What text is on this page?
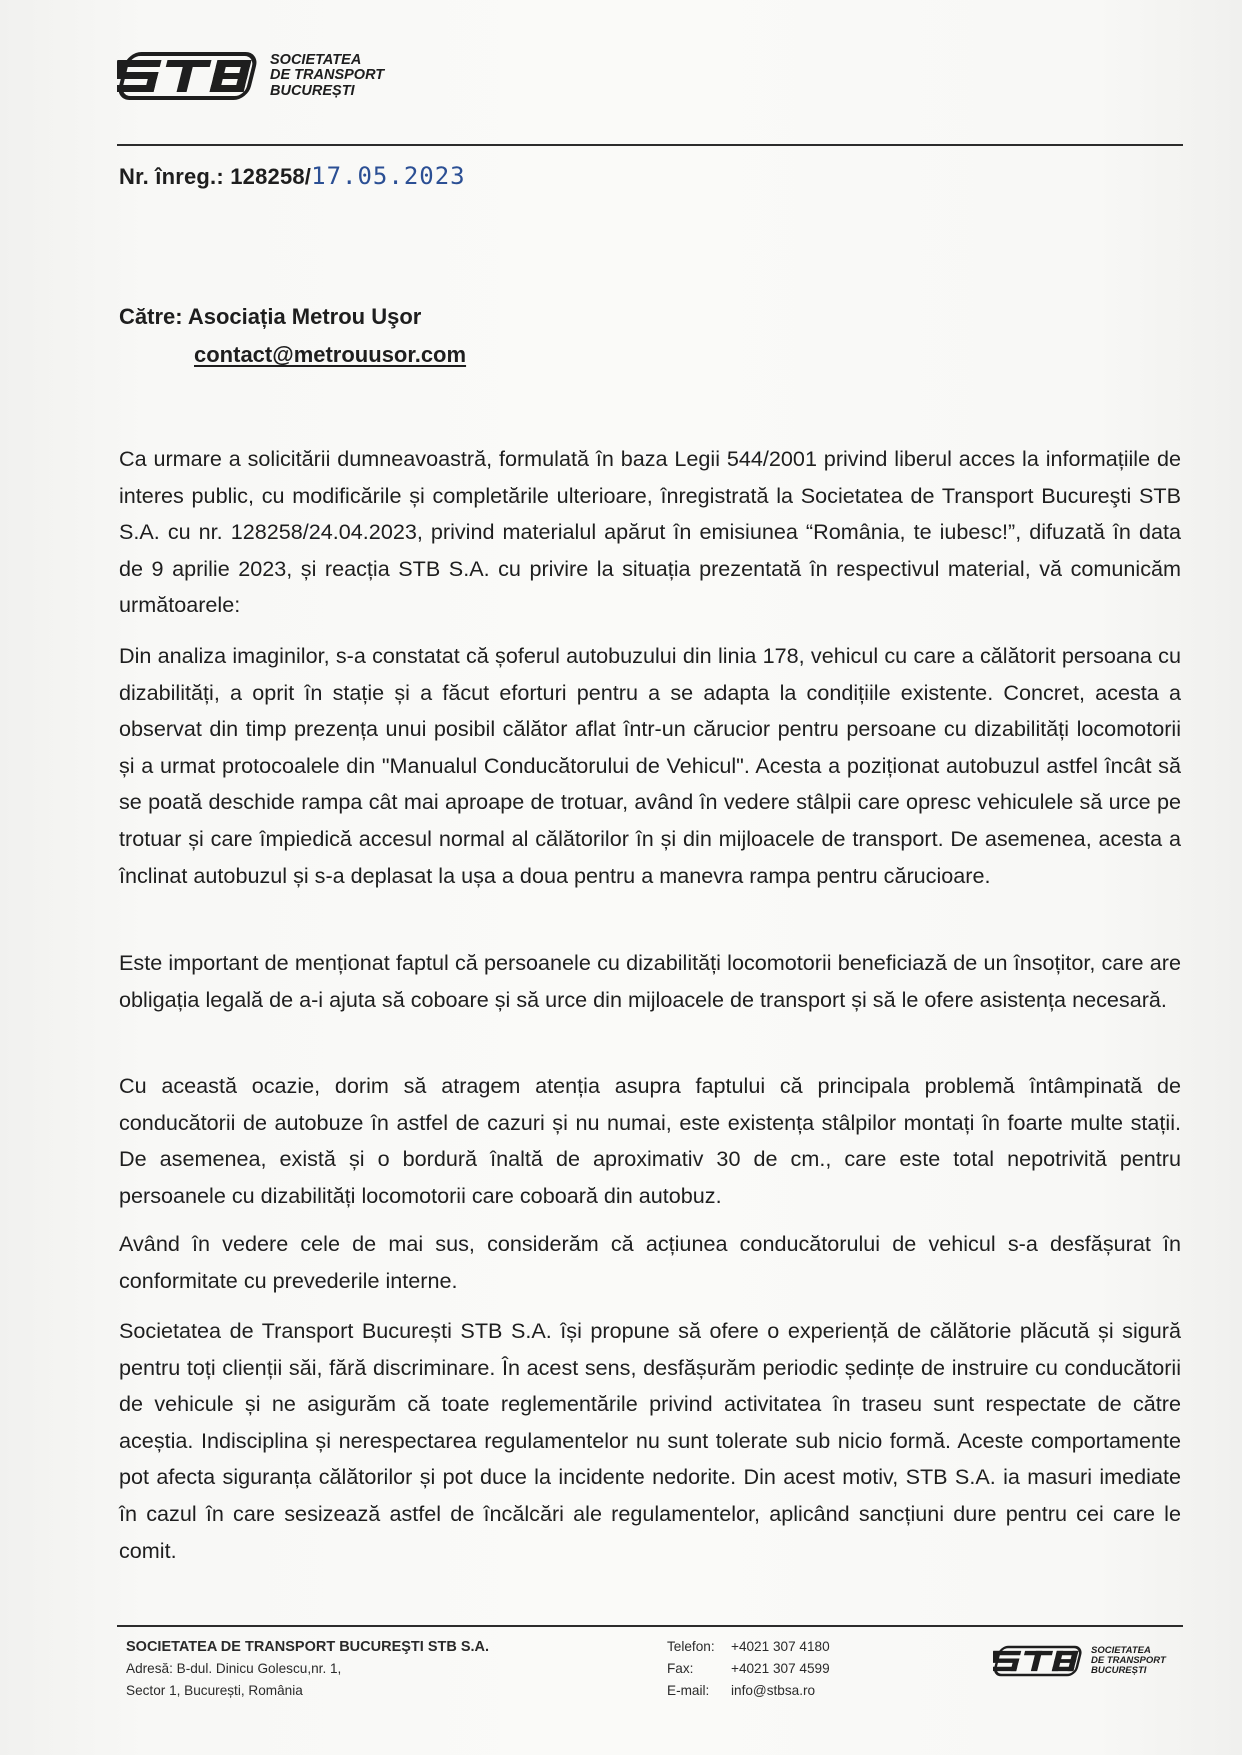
STB
SOCIETATEA
DE TRANSPORT
BUCUREȘTI
Nr. înreg.: 128258/17.05.2023
Către: Asociația Metrou Uşor
contact@metrouusor.com

Ca urmare a solicitării dumneavoastră, formulată în baza Legii 544/2001 privind liberul acces la informațiile de interes public, cu modificările și completările ulterioare, înregistrată la Societatea de Transport Bucureşti STB S.A. cu nr. 128258/24.04.2023, privind materialul apărut în emisiunea “România, te iubesc!”, difuzată în data de 9 aprilie 2023, și reacția STB S.A. cu privire la situația prezentată în respectivul material, vă comunicăm următoarele:

Din analiza imaginilor, s-a constatat că șoferul autobuzului din linia 178, vehicul cu care a călătorit persoana cu dizabilități, a oprit în stație și a făcut eforturi pentru a se adapta la condițiile existente. Concret, acesta a observat din timp prezența unui posibil călător aflat într-un cărucior pentru persoane cu dizabilități locomotorii și a urmat protocoalele din "Manualul Conducătorului de Vehicul". Acesta a poziționat autobuzul astfel încât să se poată deschide rampa cât mai aproape de trotuar, având în vedere stâlpii care opresc vehiculele să urce pe trotuar și care împiedică accesul normal al călătorilor în și din mijloacele de transport. De asemenea, acesta a înclinat autobuzul și s-a deplasat la ușa a doua pentru a manevra rampa pentru cărucioare.

Este important de menționat faptul că persoanele cu dizabilități locomotorii beneficiază de un însoțitor, care are obligația legală de a-i ajuta să coboare și să urce din mijloacele de transport și să le ofere asistența necesară.

Cu această ocazie, dorim să atragem atenția asupra faptului că principala problemă întâmpinată de conducătorii de autobuze în astfel de cazuri și nu numai, este existența stâlpilor montați în foarte multe stații. De asemenea, există și o bordură înaltă de aproximativ 30 de cm., care este total nepotrivită pentru persoanele cu dizabilități locomotorii care coboară din autobuz.

Având în vedere cele de mai sus, considerăm că acțiunea conducătorului de vehicul s-a desfășurat în conformitate cu prevederile interne.

Societatea de Transport București STB S.A. își propune să ofere o experiență de călătorie plăcută și sigură pentru toți clienții săi, fără discriminare. În acest sens, desfășurăm periodic ședințe de instruire cu conducătorii de vehicule și ne asigurăm că toate reglementările privind activitatea în traseu sunt respectate de către aceștia. Indisciplina și nerespectarea regulamentelor nu sunt tolerate sub nicio formă. Aceste comportamente pot afecta siguranța călătorilor și pot duce la incidente nedorite. Din acest motiv, STB S.A. ia masuri imediate în cazul în care sesizează astfel de încălcări ale regulamentelor, aplicând sancțiuni dure pentru cei care le comit.

SOCIETATEA DE TRANSPORT BUCUREŞTI STB S.A.
Adresă: B-dul. Dinicu Golescu,nr. 1,
Sector 1, București, România
Telefon:	+4021 307 4180
Fax:	+4021 307 4599
E-mail:	info@stbsa.ro
SOCIETATEA
DE TRANSPORT
BUCUREȘTI
